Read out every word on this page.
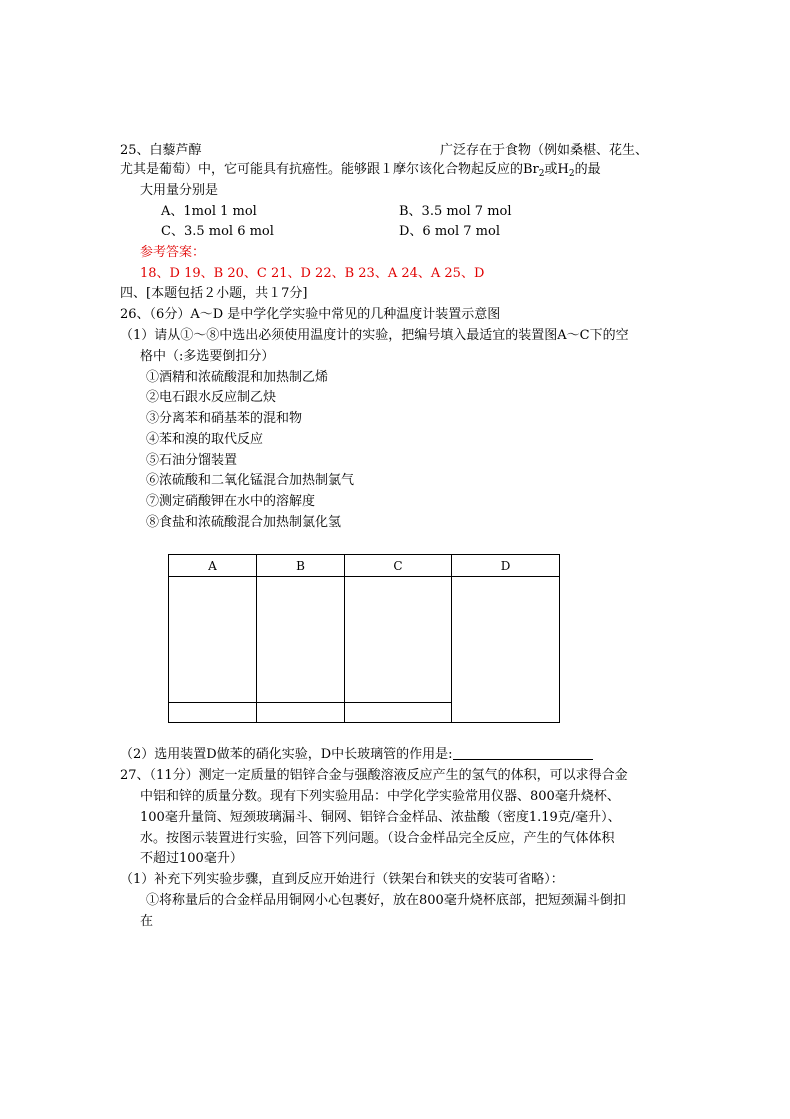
25、白藜芦醇	广泛存在于食物（例如桑椹、花生、
尤其是葡萄）中，它可能具有抗癌性。能够跟１摩尔该化合物起反应的$Br_2$或$H_2$的最
大用量分别是
A、1mol 1 mol	B、3.5 mol 7 mol
C、3.5 mol 6 mol	D、6 mol 7 mol
参考答案：
18、D 19、B 20、C 21、D 22、B 23、A 24、A 25、D
四、[本题包括２小题，共１7分]
26、（6分）A～D 是中学化学实验中常见的几种温度计装置示意图
（1）请从①～⑧中选出必须使用温度计的实验，把编号填入最适宜的装置图A～C下的空
格中（:多选要倒扣分）
①酒精和浓硫酸混和加热制乙烯
②电石跟水反应制乙炔
③分离苯和硝基苯的混和物
④苯和溴的取代反应
⑤石油分馏装置
⑥浓硫酸和二氧化锰混合加热制氯气
⑦测定硝酸钾在水中的溶解度
⑧食盐和浓硫酸混合加热制氯化氢
A	B	C	D

（2）选用装置D做苯的硝化实验，D中长玻璃管的作用是:
27、（11分）测定一定质量的铝锌合金与强酸溶液反应产生的氢气的体积，可以求得合金
中铝和锌的质量分数。现有下列实验用品：中学化学实验常用仪器、800毫升烧杯、
100毫升量筒、短颈玻璃漏斗、铜网、铝锌合金样品、浓盐酸（密度1.19克/毫升）、
水。按图示装置进行实验，回答下列问题。（设合金样品完全反应，产生的气体体积
不超过100毫升）
（1）补充下列实验步骤，直到反应开始进行（铁架台和铁夹的安装可省略）：
①将称量后的合金样品用铜网小心包裹好，放在800毫升烧杯底部，把短颈漏斗倒扣
在
